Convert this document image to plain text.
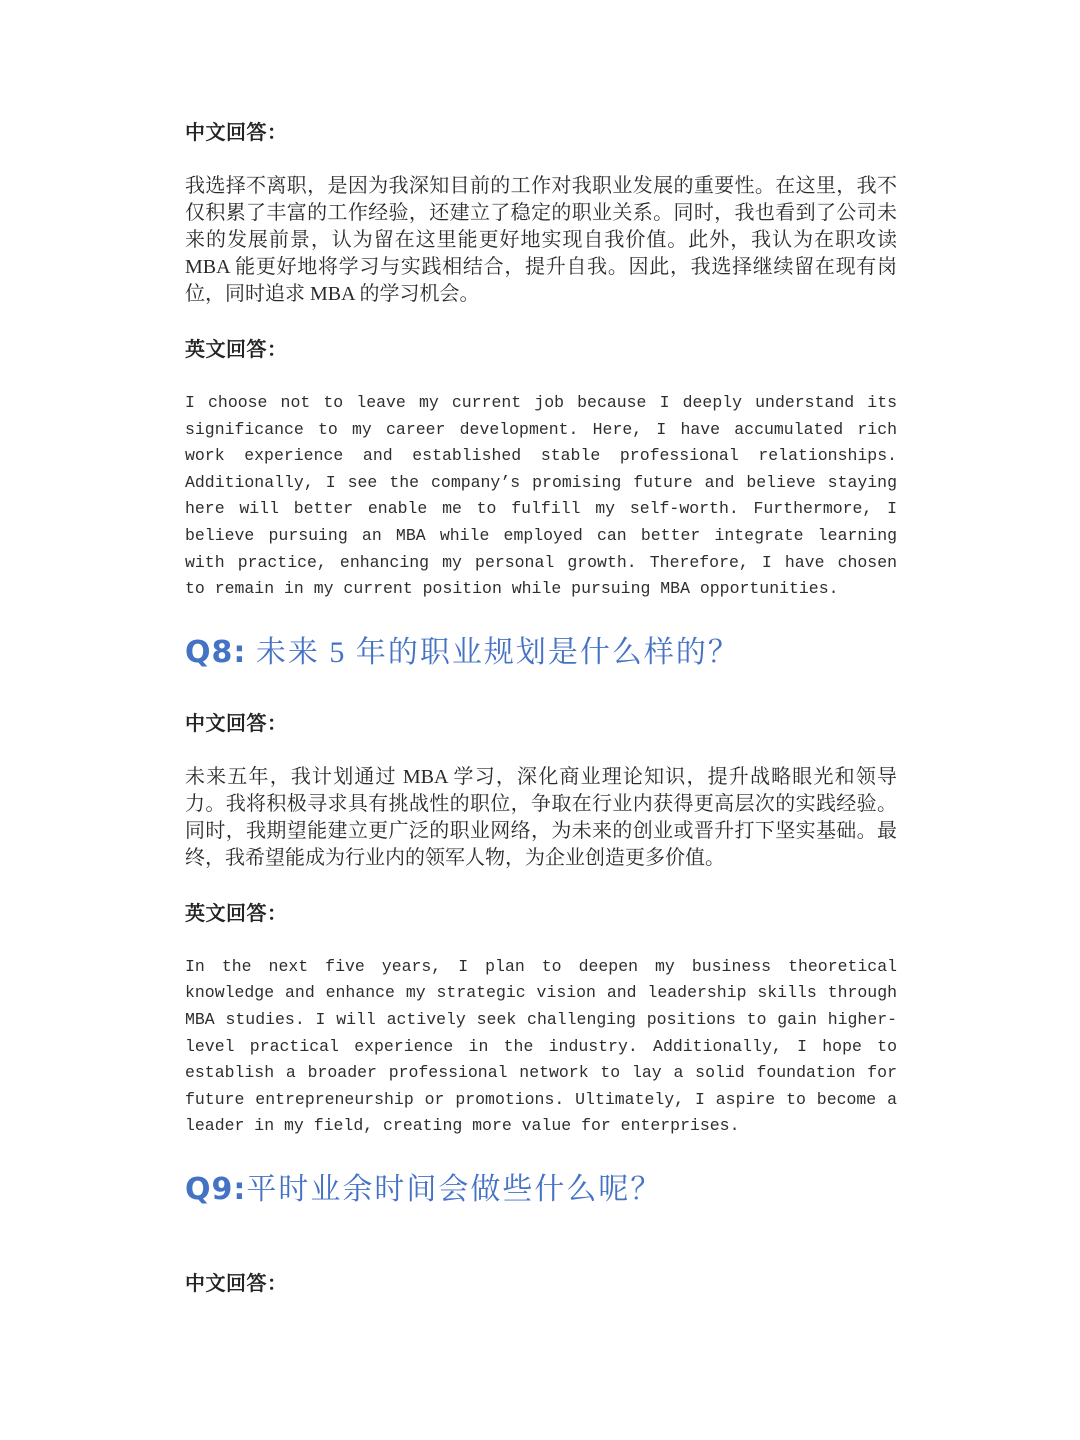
中文回答：

我选择不离职，是因为我深知目前的工作对我职业发展的重要性。在这里，我不仅积累了丰富的工作经验，还建立了稳定的职业关系。同时，我也看到了公司未来的发展前景，认为留在这里能更好地实现自我价值。此外，我认为在职攻读 MBA 能更好地将学习与实践相结合，提升自我。因此，我选择继续留在现有岗位，同时追求 MBA 的学习机会。

英文回答：

I choose not to leave my current job because I deeply understand its significance to my career development. Here, I have accumulated rich work experience and established stable professional relationships. Additionally, I see the company’s promising future and believe staying here will better enable me to fulfill my self-worth. Furthermore, I believe pursuing an MBA while employed can better integrate learning with practice, enhancing my personal growth. Therefore, I have chosen to remain in my current position while pursuing MBA opportunities.

Q8: 未来 5 年的职业规划是什么样的？

中文回答：

未来五年，我计划通过 MBA 学习，深化商业理论知识，提升战略眼光和领导力。我将积极寻求具有挑战性的职位，争取在行业内获得更高层次的实践经验。同时，我期望能建立更广泛的职业网络，为未来的创业或晋升打下坚实基础。最终，我希望能成为行业内的领军人物，为企业创造更多价值。

英文回答：

In the next five years, I plan to deepen my business theoretical knowledge and enhance my strategic vision and leadership skills through MBA studies. I will actively seek challenging positions to gain higher-level practical experience in the industry. Additionally, I hope to establish a broader professional network to lay a solid foundation for future entrepreneurship or promotions. Ultimately, I aspire to become a leader in my field, creating more value for enterprises.

Q9:平时业余时间会做些什么呢？

中文回答：
